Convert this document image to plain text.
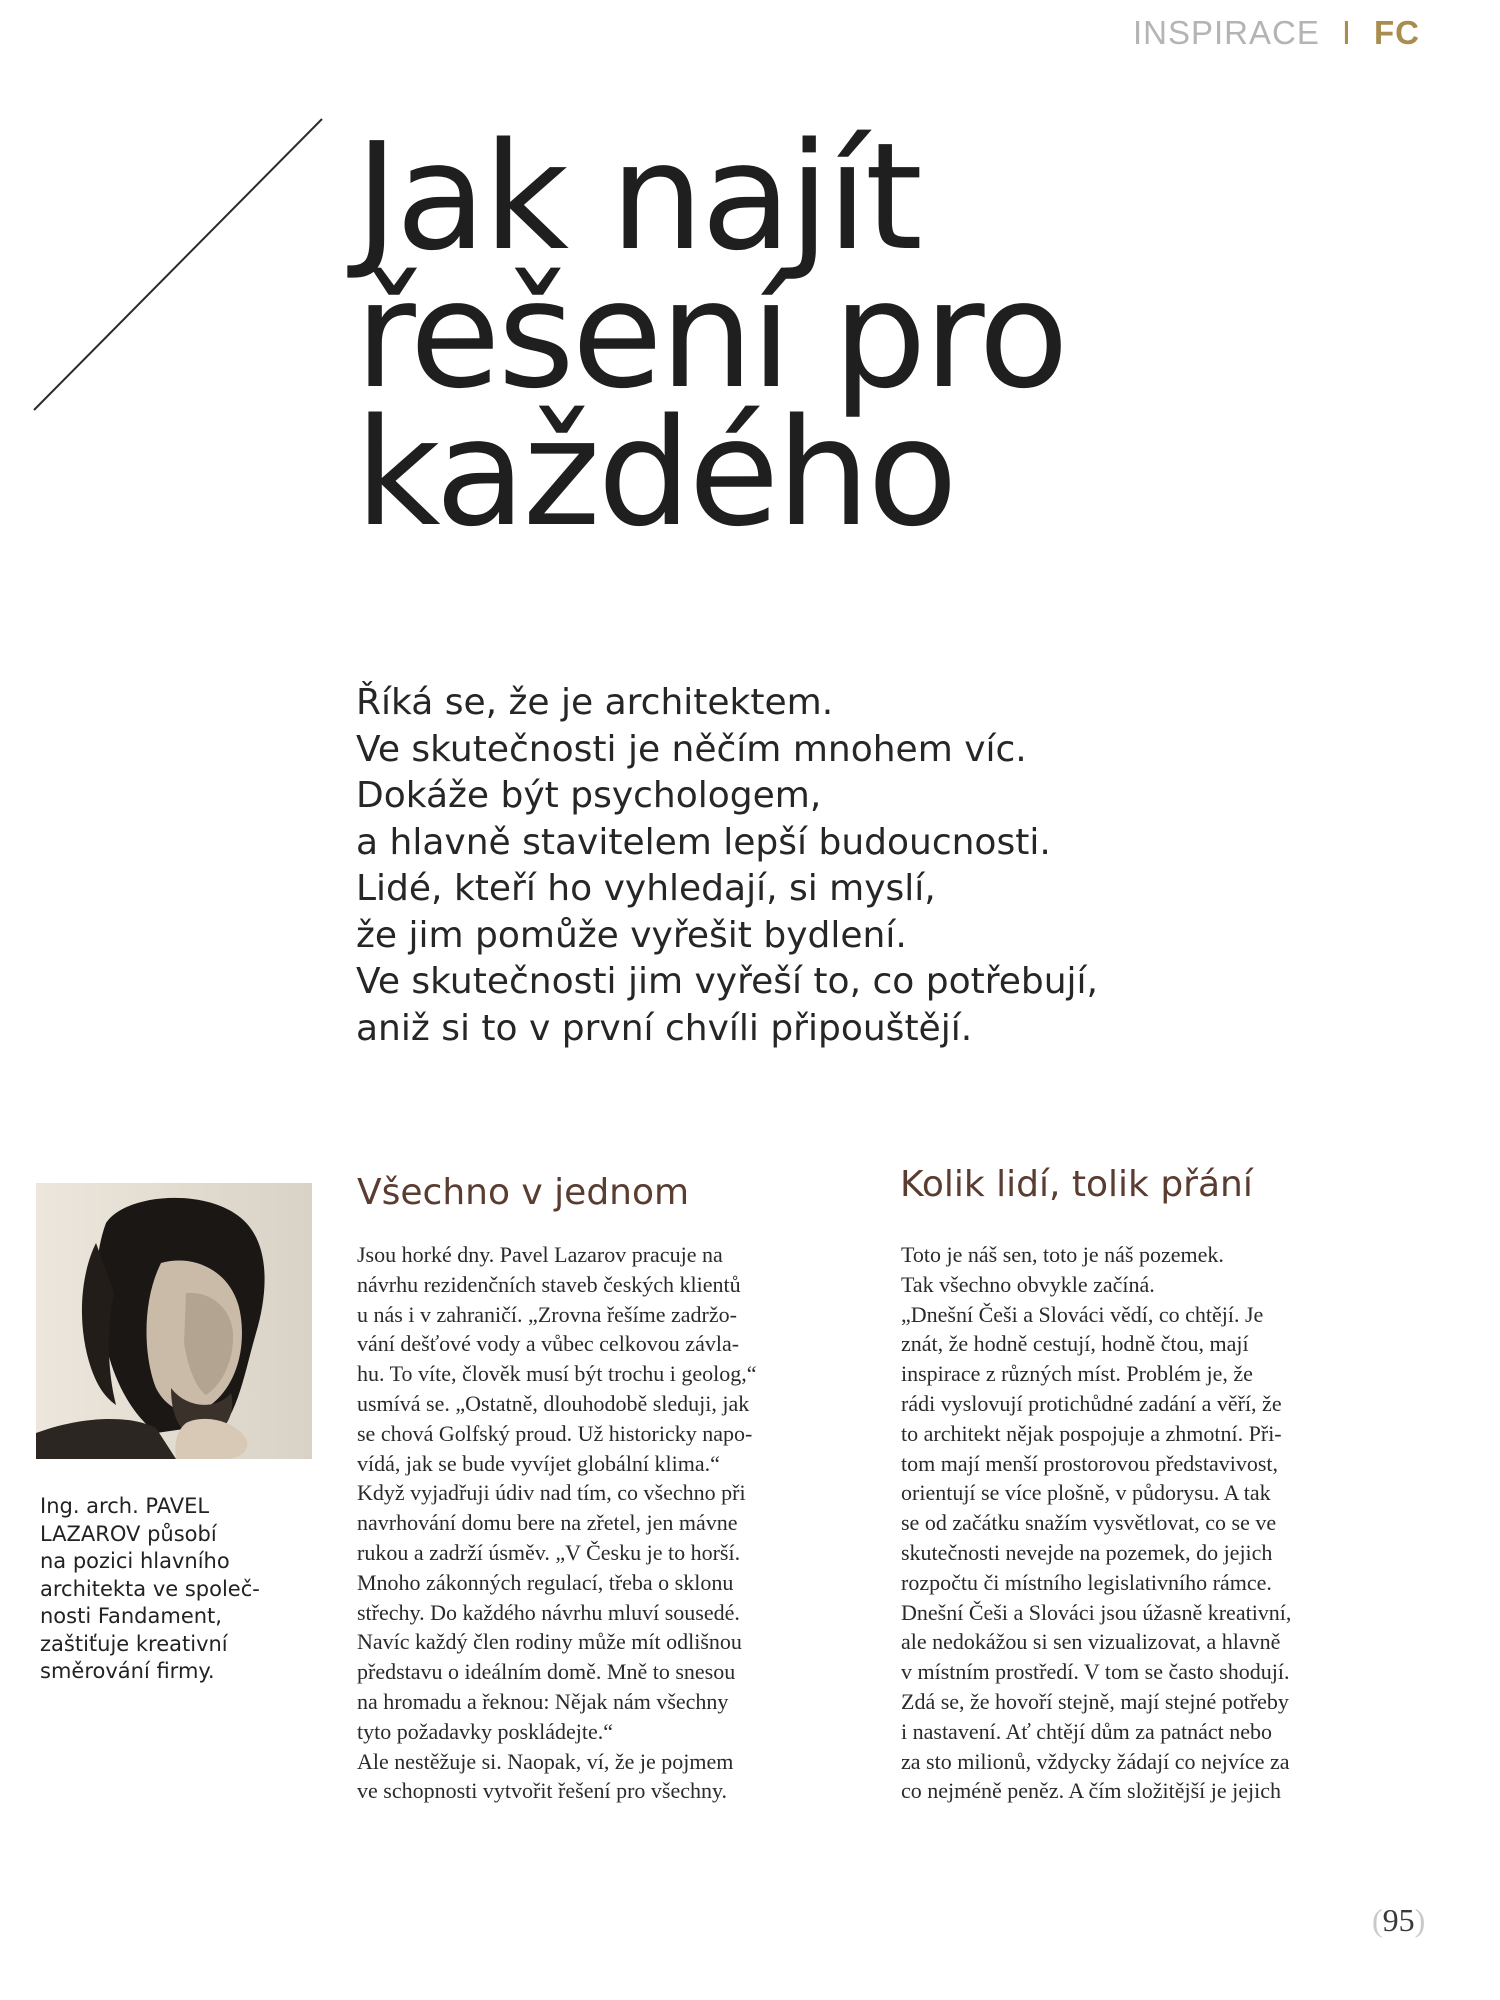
INSPIRACE I FC
Jak najít
řešení pro
každého
Říká se, že je architektem.
Ve skutečnosti je něčím mnohem víc.
Dokáže být psychologem,
a hlavně stavitelem lepší budoucnosti.
Lidé, kteří ho vyhledají, si myslí,
že jim pomůže vyřešit bydlení.
Ve skutečnosti jim vyřeší to, co potřebují,
aniž si to v první chvíli připouštějí.
Ing. arch. PAVEL
LAZAROV působí
na pozici hlavního
architekta ve společ-
nosti Fandament,
zaštiťuje kreativní
směrování firmy.
Všechno v jednom
Jsou horké dny. Pavel Lazarov pracuje na
návrhu rezidenčních staveb českých klientů
u nás i v zahraničí. „Zrovna řešíme zadržo-
vání dešťové vody a vůbec celkovou závla-
hu. To víte, člověk musí být trochu i geolog,“
usmívá se. „Ostatně, dlouhodobě sleduji, jak
se chová Golfský proud. Už historicky napo-
vídá, jak se bude vyvíjet globální klima.“
Když vyjadřuji údiv nad tím, co všechno při
navrhování domu bere na zřetel, jen mávne
rukou a zadrží úsměv. „V Česku je to horší.
Mnoho zákonných regulací, třeba o sklonu
střechy. Do každého návrhu mluví sousedé.
Navíc každý člen rodiny může mít odlišnou
představu o ideálním domě. Mně to snesou
na hromadu a řeknou: Nějak nám všechny
tyto požadavky poskládejte.“
Ale nestěžuje si. Naopak, ví, že je pojmem
ve schopnosti vytvořit řešení pro všechny.
Kolik lidí, tolik přání
Toto je náš sen, toto je náš pozemek.
Tak všechno obvykle začíná.
„Dnešní Češi a Slováci vědí, co chtějí. Je
znát, že hodně cestují, hodně čtou, mají
inspirace z různých míst. Problém je, že
rádi vyslovují protichůdné zadání a věří, že
to architekt nějak pospojuje a zhmotní. Při-
tom mají menší prostorovou představivost,
orientují se více plošně, v půdorysu. A tak
se od začátku snažím vysvětlovat, co se ve
skutečnosti nevejde na pozemek, do jejich
rozpočtu či místního legislativního rámce.
Dnešní Češi a Slováci jsou úžasně kreativní,
ale nedokážou si sen vizualizovat, a hlavně
v místním prostředí. V tom se často shodují.
Zdá se, že hovoří stejně, mají stejné potřeby
i nastavení. Ať chtějí dům za patnáct nebo
za sto milionů, vždycky žádají co nejvíce za
co nejméně peněz. A čím složitější je jejich
(95)
